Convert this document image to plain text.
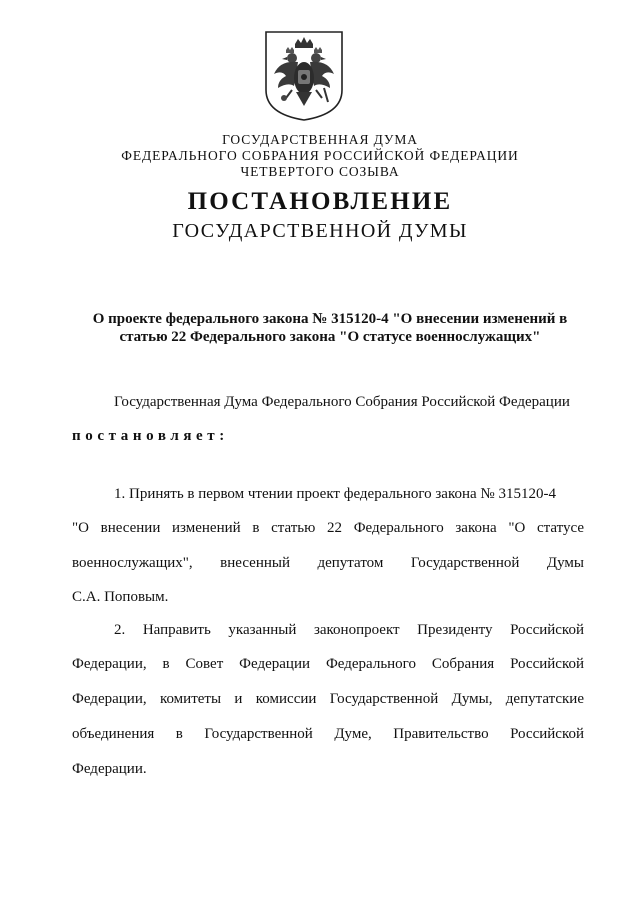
ГОСУДАРСТВЕННАЯ ДУМА
ФЕДЕРАЛЬНОГО СОБРАНИЯ РОССИЙСКОЙ ФЕДЕРАЦИИ
ЧЕТВЕРТОГО СОЗЫВА
ПОСТАНОВЛЕНИЕ
ГОСУДАРСТВЕННОЙ ДУМЫ
О проекте федерального закона № 315120-4 "О внесении изменений в
статью 22 Федерального закона "О статусе военнослужащих"
Государственная Дума Федерального Собрания Российской Федерации
постановляет:
1. Принять в первом чтении проект федерального закона № 315120-4
"О внесении изменений в статью 22 Федерального закона "О статусе
военнослужащих", внесенный депутатом Государственной Думы
С.А. Поповым.
2. Направить указанный законопроект Президенту Российской
Федерации, в Совет Федерации Федерального Собрания Российской
Федерации, комитеты и комиссии Государственной Думы, депутатские
объединения в Государственной Думе, Правительство Российской
Федерации.
